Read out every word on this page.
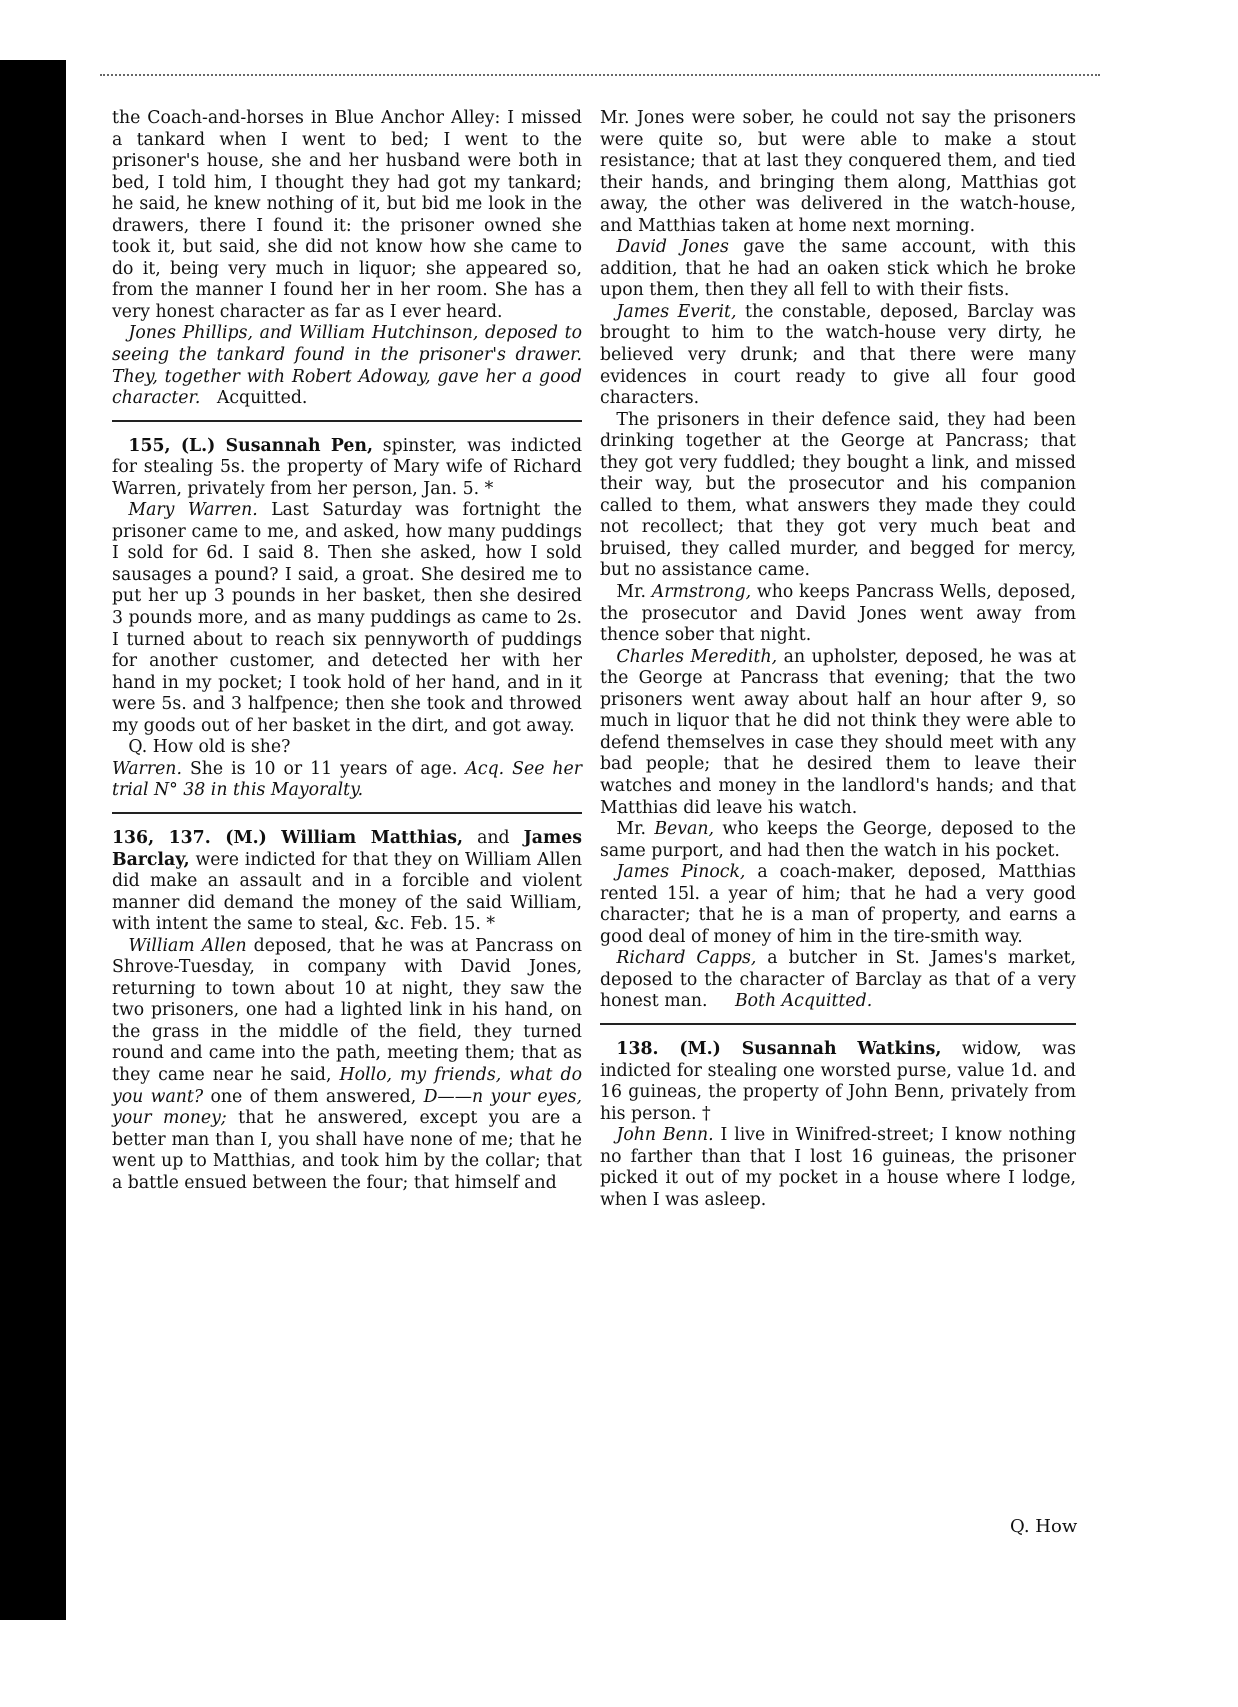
the Coach-and-horses in Blue Anchor Alley: I missed a tankard when I went to bed; I went to the prisoner's house, she and her husband were both in bed, I told him, I thought they had got my tankard; he said, he knew nothing of it, but bid me look in the drawers, there I found it: the prisoner owned she took it, but said, she did not know how she came to do it, being very much in liquor; she appeared so, from the manner I found her in her room. She has a very honest character as far as I ever heard.

Jones Phillips, and William Hutchinson, deposed to seeing the tankard found in the prisoner's drawer. They, together with Robert Adoway, gave her a good character. Acquitted.

155, (L.) Susannah Pen, spinster, was indicted for stealing 5s. the property of Mary wife of Richard Warren, privately from her person, Jan. 5. *

Mary Warren. Last Saturday was fortnight the prisoner came to me, and asked, how many puddings I sold for 6d. I said 8. Then she asked, how I sold sausages a pound? I said, a groat. She desired me to put her up 3 pounds in her basket, then she desired 3 pounds more, and as many puddings as came to 2s. I turned about to reach six pennyworth of puddings for another customer, and detected her with her hand in my pocket; I took hold of her hand, and in it were 5s. and 3 halfpence; then she took and throwed my goods out of her basket in the dirt, and got away.

Q. How old is she?

Warren. She is 10 or 11 years of age. Acq. See her trial N° 38 in this Mayoralty.

136, 137. (M.) William Matthias, and James Barclay, were indicted for that they on William Allen did make an assault and in a forcible and violent manner did demand the money of the said William, with intent the same to steal, &c. Feb. 15. *

William Allen deposed, that he was at Pancrass on Shrove-Tuesday, in company with David Jones, returning to town about 10 at night, they saw the two prisoners, one had a lighted link in his hand, on the grass in the middle of the field, they turned round and came into the path, meeting them; that as they came near he said, Hollo, my friends, what do you want? one of them answered, D——n your eyes, your money; that he answered, except you are a better man than I, you shall have none of me; that he went up to Matthias, and took him by the collar; that a battle ensued between the four; that himself and

Mr. Jones were sober, he could not say the prisoners were quite so, but were able to make a stout resistance; that at last they conquered them, and tied their hands, and bringing them along, Matthias got away, the other was delivered in the watch-house, and Matthias taken at home next morning.

David Jones gave the same account, with this addition, that he had an oaken stick which he broke upon them, then they all fell to with their fists.

James Everit, the constable, deposed, Barclay was brought to him to the watch-house very dirty, he believed very drunk; and that there were many evidences in court ready to give all four good characters.

The prisoners in their defence said, they had been drinking together at the George at Pancrass; that they got very fuddled; they bought a link, and missed their way, but the prosecutor and his companion called to them, what answers they made they could not recollect; that they got very much beat and bruised, they called murder, and begged for mercy, but no assistance came.

Mr. Armstrong, who keeps Pancrass Wells, deposed, the prosecutor and David Jones went away from thence sober that night.

Charles Meredith, an upholster, deposed, he was at the George at Pancrass that evening; that the two prisoners went away about half an hour after 9, so much in liquor that he did not think they were able to defend themselves in case they should meet with any bad people; that he desired them to leave their watches and money in the landlord's hands; and that Matthias did leave his watch.

Mr. Bevan, who keeps the George, deposed to the same purport, and had then the watch in his pocket.

James Pinock, a coach-maker, deposed, Matthias rented 15l. a year of him; that he had a very good character; that he is a man of property, and earns a good deal of money of him in the tire-smith way.

Richard Capps, a butcher in St. James's market, deposed to the character of Barclay as that of a very honest man. Both Acquitted.

138. (M.) Susannah Watkins, widow, was indicted for stealing one worsted purse, value 1d. and 16 guineas, the property of John Benn, privately from his person. †

John Benn. I live in Winifred-street; I know nothing no farther than that I lost 16 guineas, the prisoner picked it out of my pocket in a house where I lodge, when I was asleep.

Q. How
